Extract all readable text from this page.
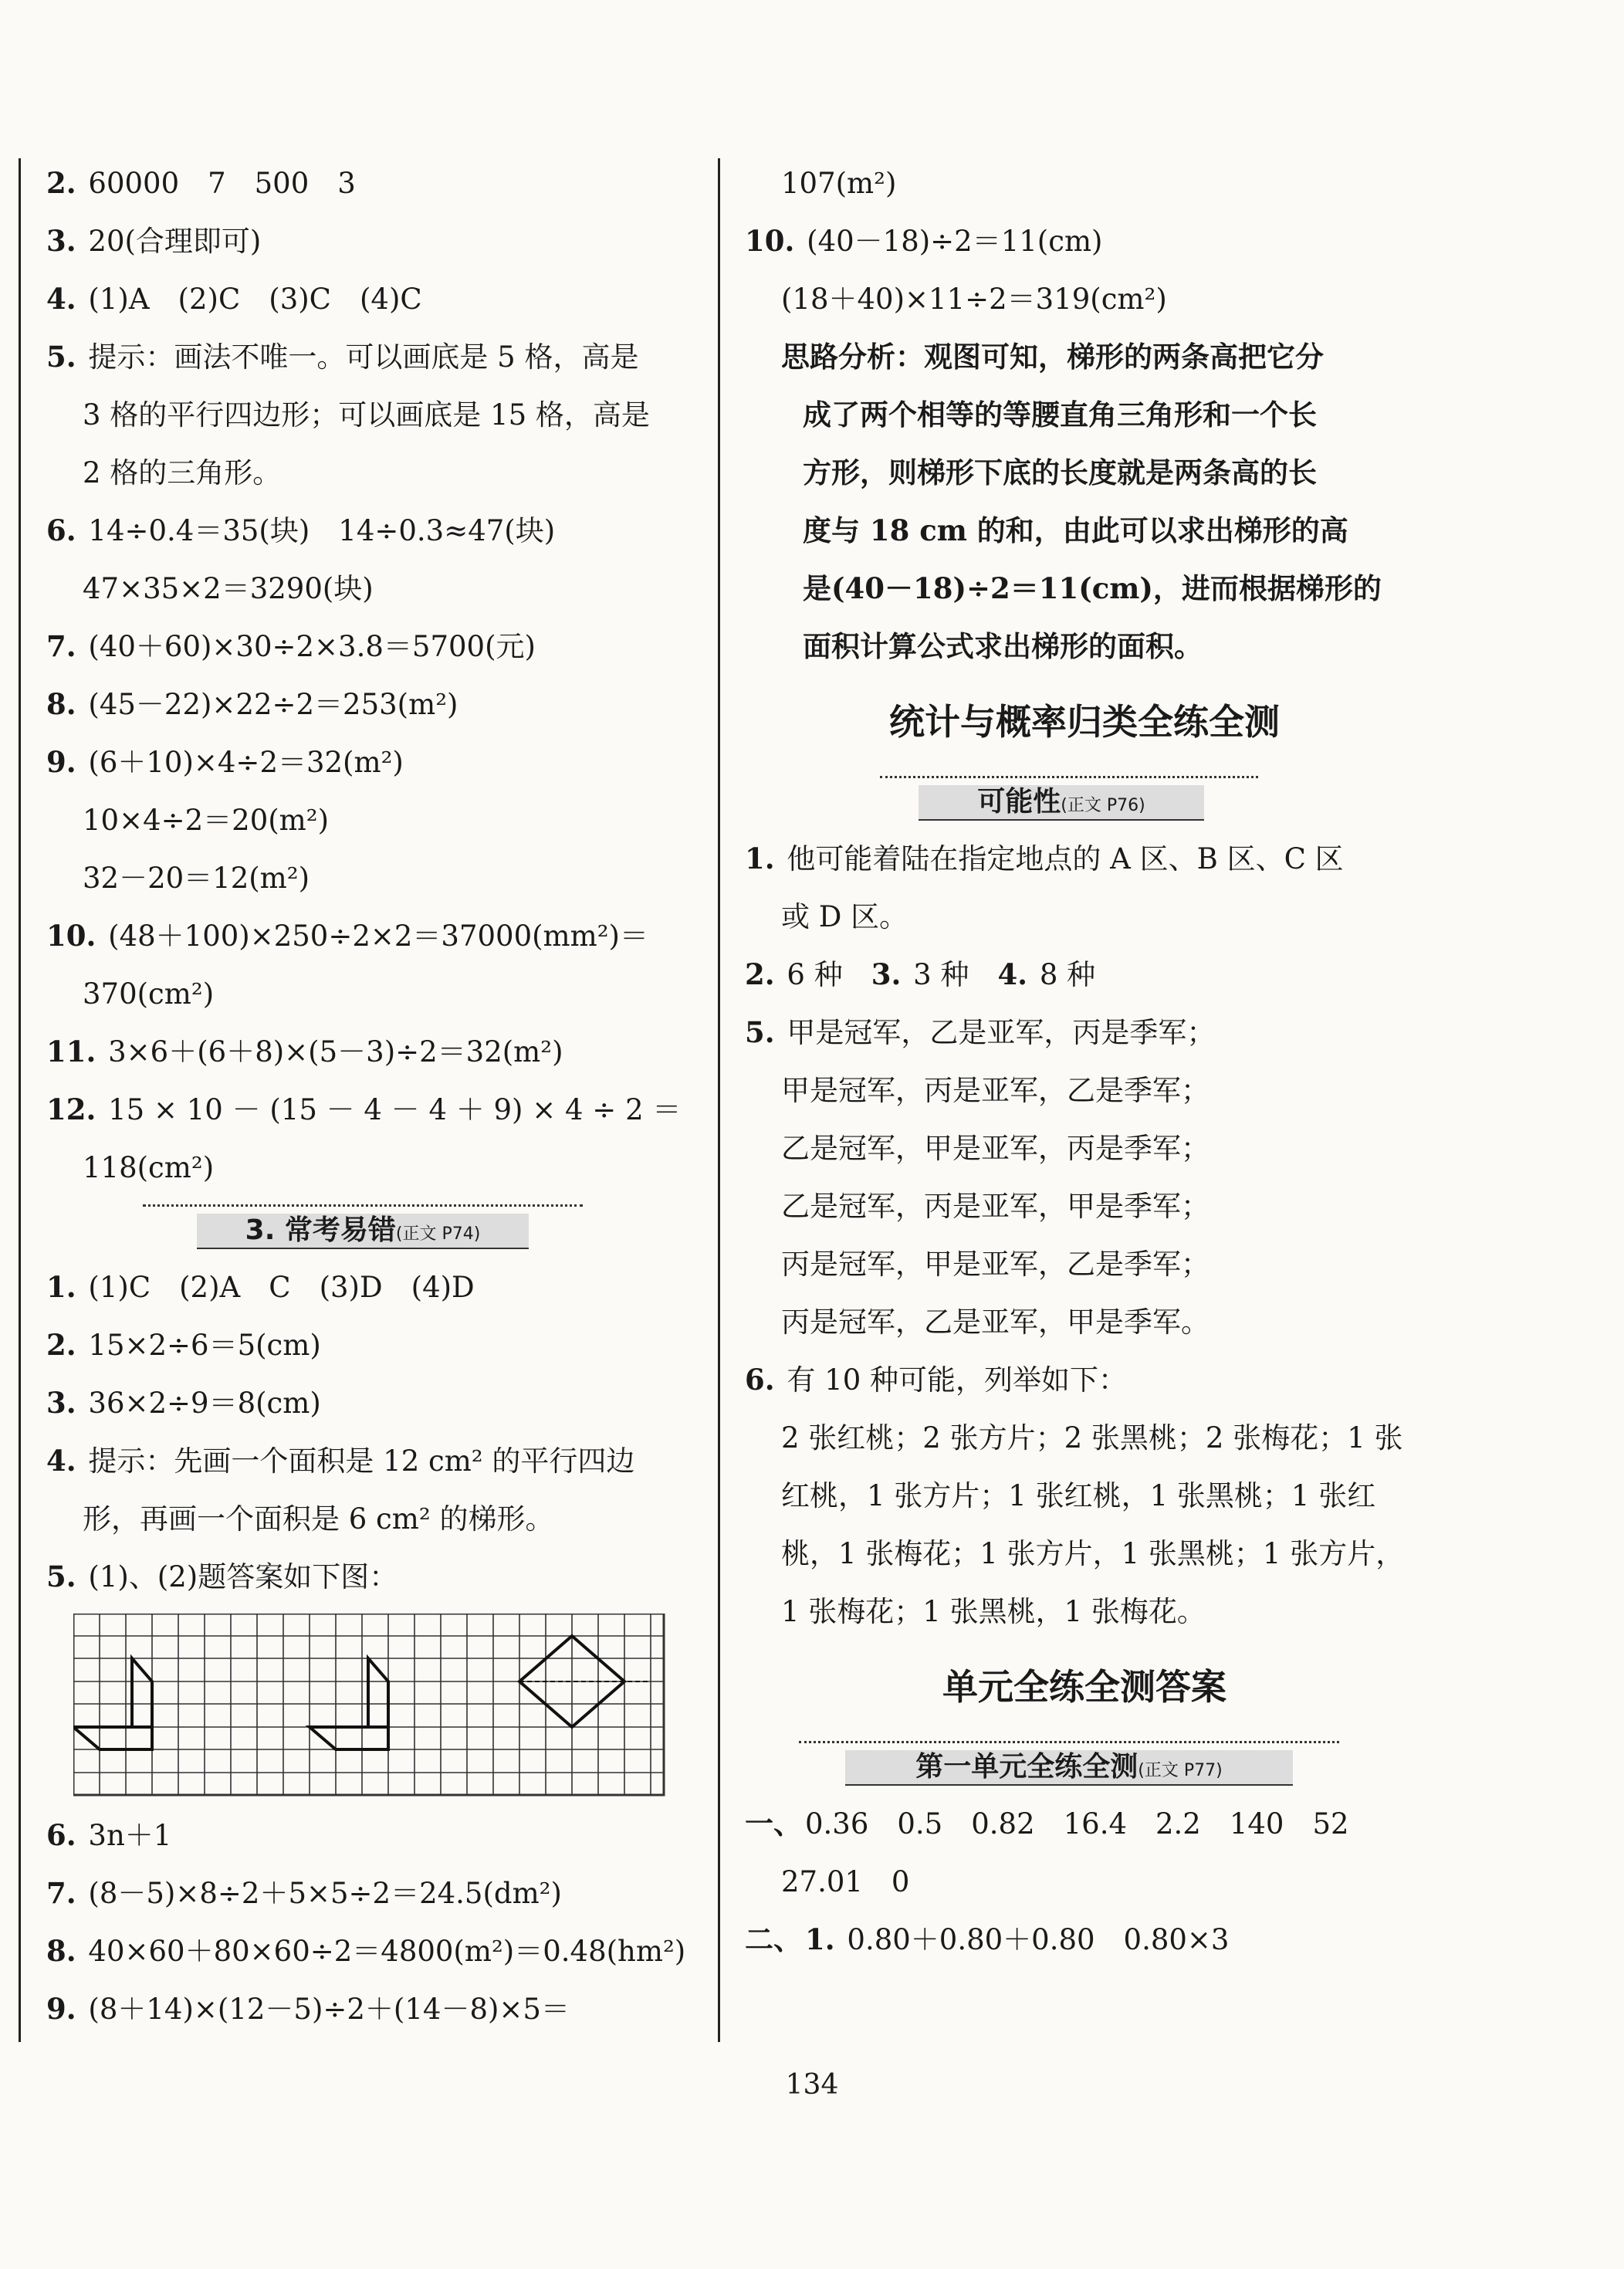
2. 60000　7　500　3
3. 20(合理即可)
4. (1)A　(2)C　(3)C　(4)C
5. 提示：画法不唯一。可以画底是 5 格，高是
3 格的平行四边形；可以画底是 15 格，高是
2 格的三角形。
6. 14÷0.4＝35(块)　14÷0.3≈47(块)
47×35×2＝3290(块)
7. (40＋60)×30÷2×3.8＝5700(元)
8. (45－22)×22÷2＝253(m²)
9. (6＋10)×4÷2＝32(m²)
10×4÷2＝20(m²)
32－20＝12(m²)
10. (48＋100)×250÷2×2＝37000(mm²)＝
370(cm²)
11. 3×6＋(6＋8)×(5－3)÷2＝32(m²)
12. 15 × 10 － (15 － 4 － 4 ＋ 9) × 4 ÷ 2 ＝
118(cm²)
3. 常考易错(正文 P74)
1. (1)C　(2)A　C　(3)D　(4)D
2. 15×2÷6＝5(cm)
3. 36×2÷9＝8(cm)
4. 提示：先画一个面积是 12 cm² 的平行四边
形，再画一个面积是 6 cm² 的梯形。
5. (1)、(2)题答案如下图：
6. 3n＋1
7. (8－5)×8÷2＋5×5÷2＝24.5(dm²)
8. 40×60＋80×60÷2＝4800(m²)＝0.48(hm²)
9. (8＋14)×(12－5)÷2＋(14－8)×5＝
107(m²)
10. (40－18)÷2＝11(cm)
(18＋40)×11÷2＝319(cm²)
思路分析：观图可知，梯形的两条高把它分
成了两个相等的等腰直角三角形和一个长
方形，则梯形下底的长度就是两条高的长
度与 18 cm 的和，由此可以求出梯形的高
是(40－18)÷2＝11(cm)，进而根据梯形的
面积计算公式求出梯形的面积。
统计与概率归类全练全测
可能性(正文 P76)
1. 他可能着陆在指定地点的 A 区、B 区、C 区
或 D 区。
2. 6 种　3. 3 种　4. 8 种
5. 甲是冠军，乙是亚军，丙是季军；
甲是冠军，丙是亚军，乙是季军；
乙是冠军，甲是亚军，丙是季军；
乙是冠军，丙是亚军，甲是季军；
丙是冠军，甲是亚军，乙是季军；
丙是冠军，乙是亚军，甲是季军。
6. 有 10 种可能，列举如下：
2 张红桃；2 张方片；2 张黑桃；2 张梅花；1 张
红桃，1 张方片；1 张红桃，1 张黑桃；1 张红
桃，1 张梅花；1 张方片，1 张黑桃；1 张方片，
1 张梅花；1 张黑桃，1 张梅花。
单元全练全测答案
第一单元全练全测(正文 P77)
一、 0.36　0.5　0.82　16.4　2.2　140　52
27.01　0
二、 1. 0.80＋0.80＋0.80　0.80×3
134
